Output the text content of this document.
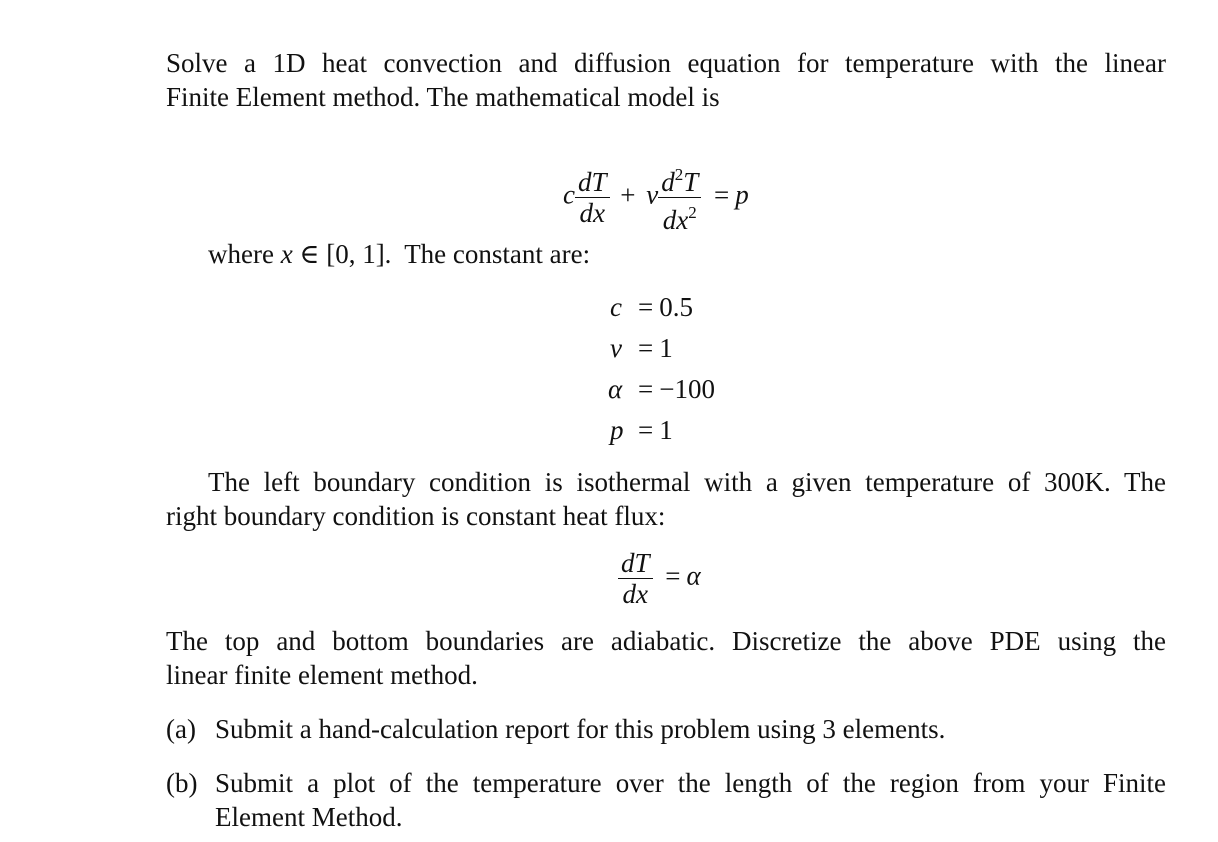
Solve a 1D heat convection and diffusion equation for temperature with the linear
Finite Element method. The mathematical model is
c $\frac{dT}{dx} + \nu \frac{d^2T}{dx^2} = p$
where x ∈ [0, 1]. The constant are:
c = 0.5
ν = 1
α = −100
p = 1
The left boundary condition is isothermal with a given temperature of 300K. The
right boundary condition is constant heat flux:
$\frac{dT}{dx} = \alpha$
The top and bottom boundaries are adiabatic. Discretize the above PDE using the
linear finite element method.
(a) Submit a hand-calculation report for this problem using 3 elements.
(b) Submit a plot of the temperature over the length of the region from your Finite
Element Method.
